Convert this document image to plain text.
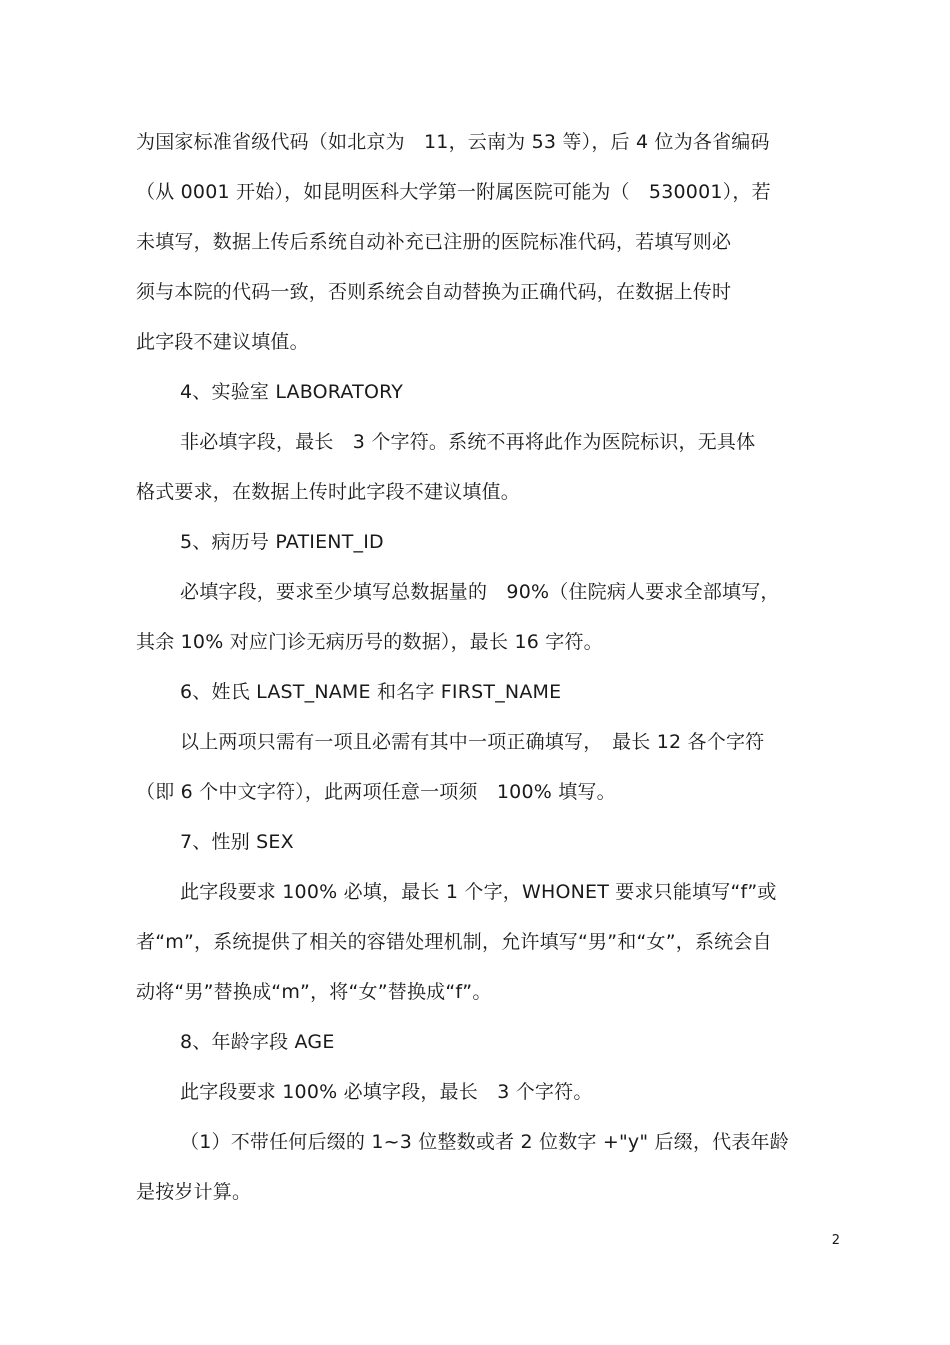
为国家标准省级代码（如北京为　11，云南为 53 等），后 4 位为各省编码
（从 0001 开始），如昆明医科大学第一附属医院可能为（　530001），若
未填写，数据上传后系统自动补充已注册的医院标准代码，若填写则必
须与本院的代码一致，否则系统会自动替换为正确代码，在数据上传时
此字段不建议填值。
4、实验室 LABORATORY
非必填字段，最长　3 个字符。系统不再将此作为医院标识，无具体
格式要求，在数据上传时此字段不建议填值。
5、病历号 PATIENT_ID
必填字段，要求至少填写总数据量的　90%（住院病人要求全部填写，
其余 10% 对应门诊无病历号的数据），最长 16 字符。
6、姓氏 LAST_NAME 和名字 FIRST_NAME
以上两项只需有一项且必需有其中一项正确填写，　最长 12 各个字符
（即 6 个中文字符），此两项任意一项须　100% 填写。
7、性别 SEX
此字段要求 100% 必填，最长 1 个字，WHONET 要求只能填写“f”或
者“m”，系统提供了相关的容错处理机制，允许填写“男”和“女”，系统会自
动将“男”替换成“m”，将“女”替换成“f”。
8、年龄字段 AGE
此字段要求 100% 必填字段，最长　3 个字符。
（1）不带任何后缀的 1~3 位整数或者 2 位数字 +"y" 后缀，代表年龄
是按岁计算。
2
